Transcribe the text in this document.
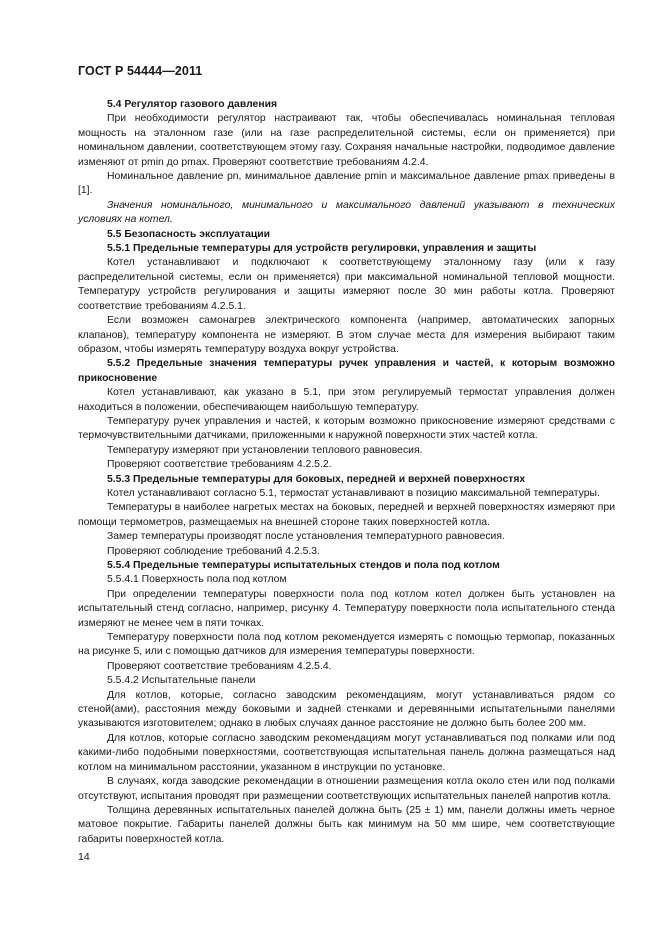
ГОСТ Р 54444—2011

5.4 Регулятор газового давления

При необходимости регулятор настраивают так, чтобы обеспечивалась номинальная тепловая мощность на эталонном газе (или на газе распределительной системы, если он применяется) при номинальном давлении, соответствующем этому газу. Сохраняя начальные настройки, подводимое давление изменяют от pmin до pmax. Проверяют соответствие требованиям 4.2.4.

Номинальное давление pn, минимальное давление pmin и максимальное давление pmax приведены в [1].

Значения номинального, минимального и максимального давлений указывают в технических условиях на котел.

5.5 Безопасность эксплуатации

5.5.1 Предельные температуры для устройств регулировки, управления и защиты

Котел устанавливают и подключают к соответствующему эталонному газу (или к газу распределительной системы, если он применяется) при максимальной номинальной тепловой мощности. Температуру устройств регулирования и защиты измеряют после 30 мин работы котла. Проверяют соответствие требованиям 4.2.5.1.

Если возможен самонагрев электрического компонента (например, автоматических запорных клапанов), температуру компонента не измеряют. В этом случае места для измерения выбирают таким образом, чтобы измерять температуру воздуха вокруг устройства.

5.5.2 Предельные значения температуры ручек управления и частей, к которым возможно прикосновение

Котел устанавливают, как указано в 5.1, при этом регулируемый термостат управления должен находиться в положении, обеспечивающем наибольшую температуру.

Температуру ручек управления и частей, к которым возможно прикосновение измеряют средствами с термочувствительными датчиками, приложенными к наружной поверхности этих частей котла.

Температуру измеряют при установлении теплового равновесия.

Проверяют соответствие требованиям 4.2.5.2.

5.5.3 Предельные температуры для боковых, передней и верхней поверхностях

Котел устанавливают согласно 5.1, термостат устанавливают в позицию максимальной температуры.

Температуры в наиболее нагретых местах на боковых, передней и верхней поверхностях измеряют при помощи термометров, размещаемых на внешней стороне таких поверхностей котла.

Замер температуры производят после установления температурного равновесия.

Проверяют соблюдение требований 4.2.5.3.

5.5.4 Предельные температуры испытательных стендов и пола под котлом

5.5.4.1 Поверхность пола под котлом

При определении температуры поверхности пола под котлом котел должен быть установлен на испытательный стенд согласно, например, рисунку 4. Температуру поверхности пола испытательного стенда измеряют не менее чем в пяти точках.

Температуру поверхности пола под котлом рекомендуется измерять с помощью термопар, показанных на рисунке 5, или с помощью датчиков для измерения температуры поверхности.

Проверяют соответствие требованиям 4.2.5.4.

5.5.4.2 Испытательные панели

Для котлов, которые, согласно заводским рекомендациям, могут устанавливаться рядом со стеной(ами), расстояния между боковыми и задней стенками и деревянными испытательными панелями указываются изготовителем; однако в любых случаях данное расстояние не должно быть более 200 мм.

Для котлов, которые согласно заводским рекомендациям могут устанавливаться под полками или под какими-либо подобными поверхностями, соответствующая испытательная панель должна размещаться над котлом на минимальном расстоянии, указанном в инструкции по установке.

В случаях, когда заводские рекомендации в отношении размещения котла около стен или под полками отсутствуют, испытания проводят при размещении соответствующих испытательных панелей напротив котла.

Толщина деревянных испытательных панелей должна быть (25 ± 1) мм, панели должны иметь черное матовое покрытие. Габариты панелей должны быть как минимум на 50 мм шире, чем соответствующие габариты поверхностей котла.

14
